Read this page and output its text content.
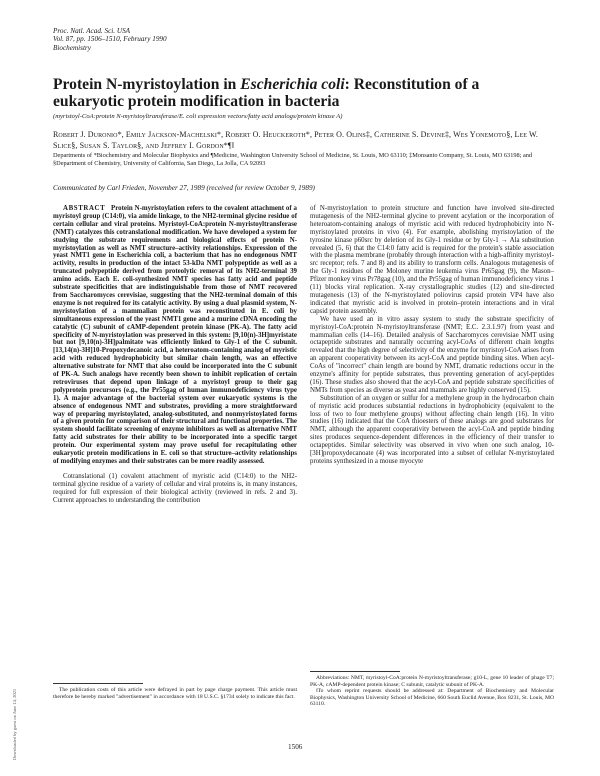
Proc. Natl. Acad. Sci. USA
Vol. 87, pp. 1506–1510, February 1990
Biochemistry
Protein N-myristoylation in Escherichia coli: Reconstitution of a eukaryotic protein modification in bacteria
(myristoyl-CoA:protein N-myristoyltransferase/E. coli expression vectors/fatty acid analogs/protein kinase A)
Robert J. Duronio*, Emily Jackson-Machelski*, Robert O. Heuckeroth*, Peter O. Olins‡, Catherine S. Devine‡, Wes Yonemoto§, Lee W. Slice§, Susan S. Taylor§, and Jeffrey I. Gordon*¶‖
Departments of *Biochemistry and Molecular Biophysics and ¶Medicine, Washington University School of Medicine, St. Louis, MO 63110; ‡Monsanto Company, St. Louis, MO 63198; and §Department of Chemistry, University of California, San Diego, La Jolla, CA 92093
Communicated by Carl Frieden, November 27, 1989 (received for review October 9, 1989)

ABSTRACT Protein N-myristoylation refers to the covalent attachment of a myristoyl group (C14:0), via amide linkage, to the NH2-terminal glycine residue of certain cellular and viral proteins. Myristoyl-CoA:protein N-myristoyltransferase (NMT) catalyzes this cotranslational modification. We have developed a system for studying the substrate requirements and biological effects of protein N-myristoylation as well as NMT structure–activity relationships. Expression of the yeast NMT1 gene in Escherichia coli, a bacterium that has no endogenous NMT activity, results in production of the intact 53-kDa NMT polypeptide as well as a truncated polypeptide derived from proteolytic removal of its NH2-terminal 39 amino acids. Each E. coli-synthesized NMT species has fatty acid and peptide substrate specificities that are indistinguishable from those of NMT recovered from Saccharomyces cerevisiae, suggesting that the NH2-terminal domain of this enzyme is not required for its catalytic activity. By using a dual plasmid system, N-myristoylation of a mammalian protein was reconstituted in E. coli by simultaneous expression of the yeast NMT1 gene and a murine cDNA encoding the catalytic (C) subunit of cAMP-dependent protein kinase (PK-A). The fatty acid specificity of N-myristoylation was preserved in this system: [9,10(n)-3H]myristate but not [9,10(n)-3H]palmitate was efficiently linked to Gly-1 of the C subunit. [13,14(n)-3H]10-Propoxydecanoic acid, a heteroatom-containing analog of myristic acid with reduced hydrophobicity but similar chain length, was an effective alternative substrate for NMT that also could be incorporated into the C subunit of PK-A. Such analogs have recently been shown to inhibit replication of certain retroviruses that depend upon linkage of a myristoyl group to their gag polyprotein precursors (e.g., the Pr55gag of human immunodeficiency virus type 1). A major advantage of the bacterial system over eukaryotic systems is the absence of endogenous NMT and substrates, providing a more straightforward way of preparing myristoylated, analog-substituted, and nonmyristoylated forms of a given protein for comparison of their structural and functional properties. The system should facilitate screening of enzyme inhibitors as well as alternative NMT fatty acid substrates for their ability to be incorporated into a specific target protein. Our experimental system may prove useful for recapitulating other eukaryotic protein modifications in E. coli so that structure–activity relationships of modifying enzymes and their substrates can be more readily assessed.

Cotranslational (1) covalent attachment of myristic acid (C14:0) to the NH2-terminal glycine residue of a variety of cellular and viral proteins is, in many instances, required for full expression of their biological activity (reviewed in refs. 2 and 3). Current approaches to understanding the contribution

The publication costs of this article were defrayed in part by page charge payment. This article must therefore be hereby marked "advertisement" in accordance with 18 U.S.C. §1734 solely to indicate this fact.

of N-myristoylation to protein structure and function have involved site-directed mutagenesis of the NH2-terminal glycine to prevent acylation or the incorporation of heteroatom-containing analogs of myristic acid with reduced hydrophobicity into N-myristoylated proteins in vivo (4). For example, abolishing myristoylation of the tyrosine kinase p60src by deletion of its Gly-1 residue or by Gly-1 → Ala substitution revealed (5, 6) that the C14:0 fatty acid is required for the protein's stable association with the plasma membrane (probably through interaction with a high-affinity myristoyl-src receptor; refs. 7 and 8) and its ability to transform cells. Analogous mutagenesis of the Gly-1 residues of the Moloney murine leukemia virus Pr65gag (9), the Mason–Pfizer monkey virus Pr78gag (10), and the Pr55gag of human immunodeficiency virus 1 (11) blocks viral replication. X-ray crystallographic studies (12) and site-directed mutagenesis (13) of the N-myristoylated poliovirus capsid protein VP4 have also indicated that myristic acid is involved in protein–protein interactions and in viral capsid protein assembly.

We have used an in vitro assay system to study the substrate specificity of myristoyl-CoA:protein N-myristoyltransferase (NMT; E.C. 2.3.1.97) from yeast and mammalian cells (14–16). Detailed analysis of Saccharomyces cerevisiae NMT using octapeptide substrates and naturally occurring acyl-CoAs of different chain lengths revealed that the high degree of selectivity of the enzyme for myristoyl-CoA arises from an apparent cooperativity between its acyl-CoA and peptide binding sites. When acyl-CoAs of "incorrect" chain length are bound by NMT, dramatic reductions occur in the enzyme's affinity for peptide substrates, thus preventing generation of acyl-peptides (16). These studies also showed that the acyl-CoA and peptide substrate specificities of NMTs from species as diverse as yeast and mammals are highly conserved (15).

Substitution of an oxygen or sulfur for a methylene group in the hydrocarbon chain of myristic acid produces substantial reductions in hydrophobicity (equivalent to the loss of two to four methylene groups) without affecting chain length (16). In vitro studies (16) indicated that the CoA thioesters of these analogs are good substrates for NMT, although the apparent cooperativity between the acyl-CoA and peptide binding sites produces sequence-dependent differences in the efficiency of their transfer to octapeptides. Similar selectivity was observed in vivo when one such analog, 10-[3H]propoxydecanoate (4) was incorporated into a subset of cellular N-myristoylated proteins synthesized in a mouse myocyte

Abbreviations: NMT, myristoyl-CoA:protein N-myristoyltransferase; g10-L, gene 10 leader of phage T7; PK-A, cAMP-dependent protein kinase; C subunit, catalytic subunit of PK-A.

‖To whom reprint requests should be addressed at: Department of Biochemistry and Molecular Biophysics, Washington University School of Medicine, 660 South Euclid Avenue, Box 8231, St. Louis, MO 63110.

1506
Downloaded by guest on June 14, 2021
